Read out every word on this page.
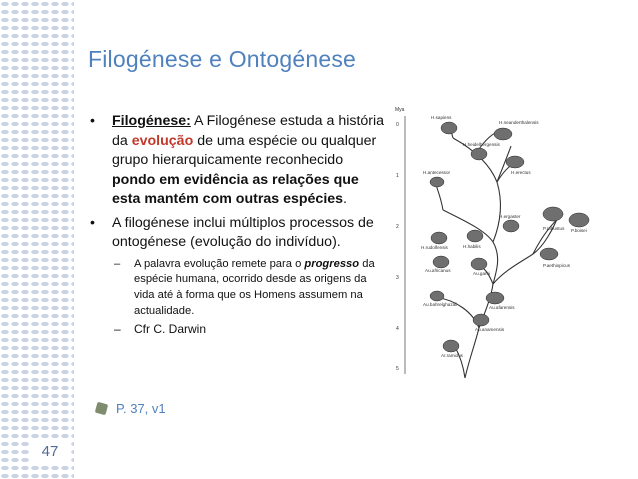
47
Filogénese e Ontogénese
• Filogénese: A Filogénese estuda a história da evolução de uma espécie ou qualquer grupo hierarquicamente reconhecido pondo em evidência as relações que esta mantém com outras espécies.
• A filogénese inclui múltiplos processos de ontogénese (evolução do indivíduo).
– A palavra evolução remete para o progresso da espécie humana, ocorrido desde as origens da vida até à forma que os Homens assumem na actualidade.
– Cfr C. Darwin
P. 37, v1
Mya
0
1
2
3
4
5
H.sapiens
H.neanderthalensis
H.heidelbergensis
H.antecessor	H.erectus
H.rudolfensis	H.habilis
H.ergaster
P.robustus P.boisei
Au.africanus
Au.garhi
P.aethiopicus
Au.bahrelghazali
Au.afarensis
Au.anamensis
Ar.ramidus
